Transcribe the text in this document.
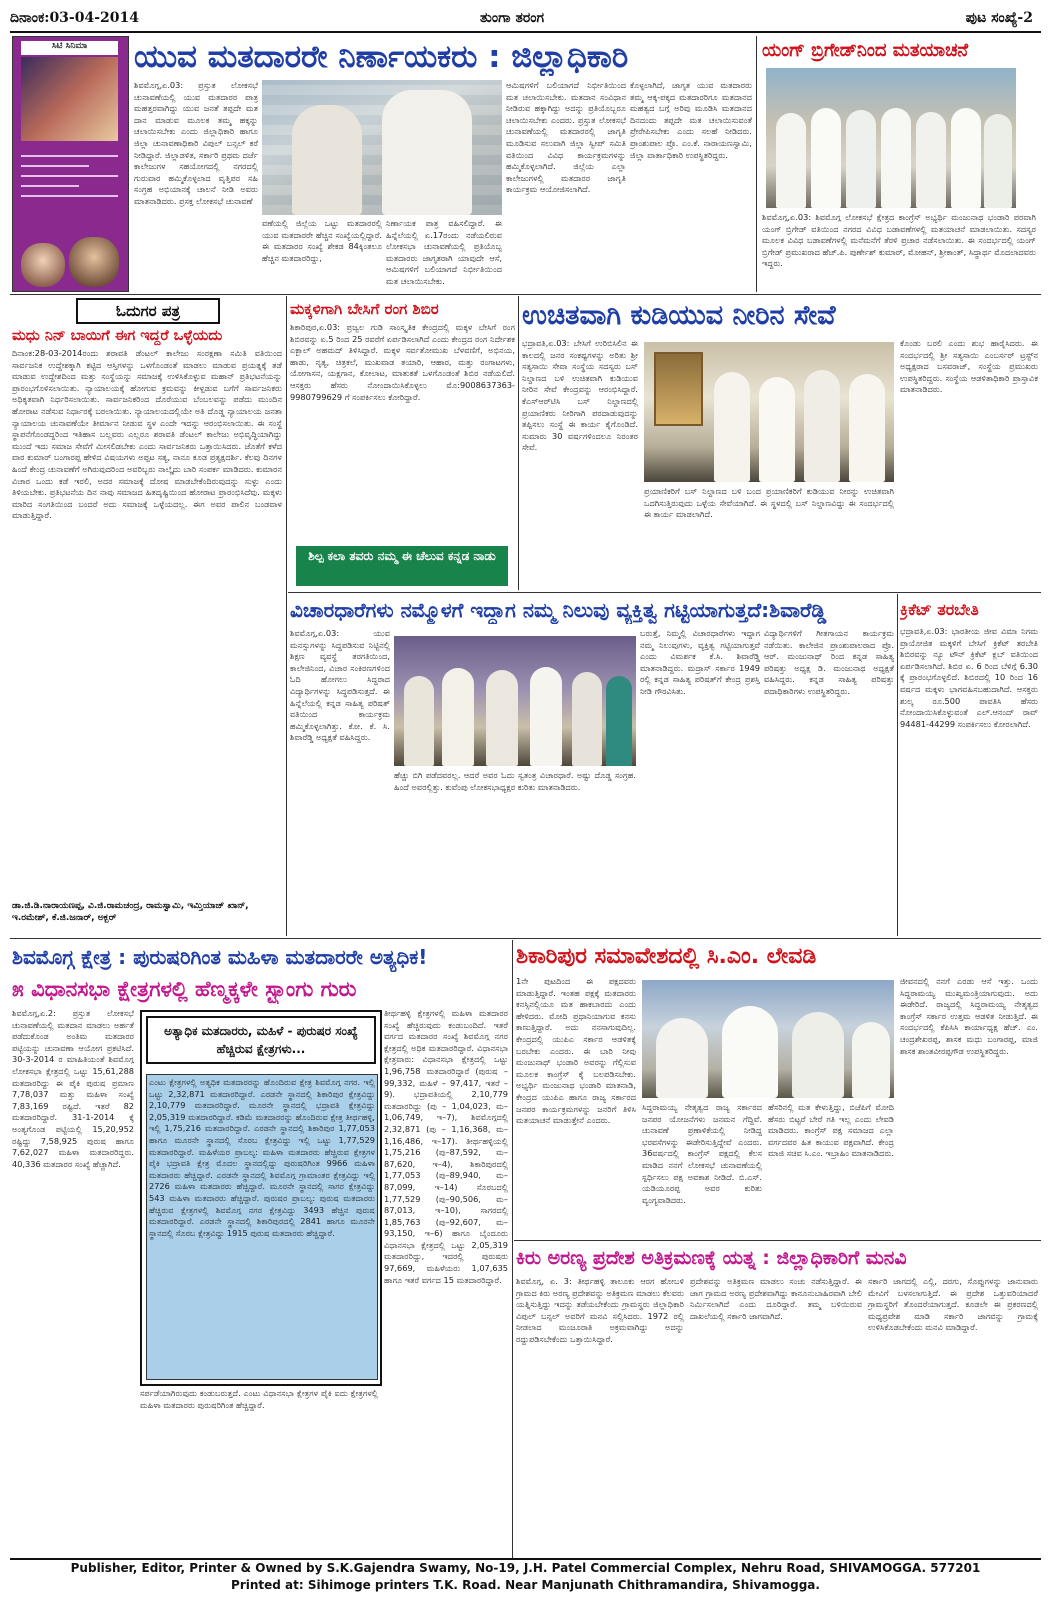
ದಿನಾಂಕ:03-04-2014	ತುಂಗಾ ತರಂಗ	ಪುಟ ಸಂಖ್ಯೆ-2
ಸಿಟಿ ಸಿನಿಮಾ	ಯುವ ಮತದಾರರೇ ನಿರ್ಣಾಯಕರು : ಜಿಲ್ಲಾಧಿಕಾರಿ
ಶಿವಮೊಗ್ಗ,ಏ.03: ಪ್ರಸ್ತುತ ಲೋಕಸಭೆ ಚುನಾವಣೆಯಲ್ಲಿ ಯುವ ಮತದಾರರ ಪಾತ್ರ ಮಹತ್ತರವಾಗಿದ್ದು ಯುವ ಜನತೆ ತಪ್ಪದೇ ಮತ ದಾನ ಮಾಡುವ ಮೂಲಕ ತಮ್ಮ ಹಕ್ಕನ್ನು ಚಲಾಯಿಸಬೇಕು ಎಂದು ಜಿಲ್ಲಾಧಿಕಾರಿ ಹಾಗೂ ಜಿಲ್ಲಾ ಚುನಾವಣಾಧಿಕಾರಿ ವಿಪುಲ್ ಬನ್ಸಲ್ ಕರೆ ನೀಡಿದ್ದಾರೆ. ಜಿಲ್ಲಾಡಳಿತ, ಸರ್ಕಾರಿ ಪ್ರಥಮ ದರ್ಜೆ ಕಾಲೇಜುಗಳ ಸಹಯೋಗದಲ್ಲಿ ನಗರದಲ್ಲಿ ಗುರುವಾರ ಹಮ್ಮಿಕೊಳ್ಳಲಾದ ವೃತ್ತಿಪರ ಸಹಿ ಸಂಗ್ರಹ ಅಭಿಯಾನಕ್ಕೆ ಚಾಲನೆ ನೀಡಿ ಅವರು ಮಾತನಾಡಿದರು. ಪ್ರಸಕ್ತ ಲೋಕಸಭೆ ಚುನಾವಣೆ
ವಣೆಯಲ್ಲಿ ಜಿಲ್ಲೆಯ ಒಟ್ಟು ಮತದಾರರಲ್ಲಿ ಯುವ ಮತದಾರರೇ ಹೆಚ್ಚಿನ ಸಂಖ್ಯೆಯಲ್ಲಿದ್ದಾರೆ. ಈ ಮತದಾರರ ಸಂಖ್ಯೆ ಶೇಕಡ 84ಕ್ಕಿಂತಲೂ ಹೆಚ್ಚಿನ ಮತದಾರರಿದ್ದು,
ನಿರ್ಣಾಯಕ ಪಾತ್ರ ವಹಿಸಲಿದ್ದಾರೆ. ಈ ಹಿನ್ನೆಲೆಯಲ್ಲಿ ಏ.17ರಂದು ನಡೆಯಲಿರುವ ಲೋಕಸಭಾ ಚುನಾವಣೆಯಲ್ಲಿ ಪ್ರತಿಯೊಬ್ಬ ಮತದಾರರು ಜಾಗೃತರಾಗಿ ಯಾವುದೇ ಆಸೆ, ಆಮಿಷಗಳಿಗೆ ಬಲಿಯಾಗದೆ ನಿರ್ಭೀತಿಯಿಂದ ಮತ ಚಲಾಯಿಸಬೇಕು.
ಆಮಿಷಗಳಿಗೆ ಬಲಿಯಾಗದೆ ನಿರ್ಭೀತಿಯಿಂದ ಮತ ಚಲಾಯಿಸಬೇಕು. ಮತದಾನ ಸಂವಿಧಾನ ನೀಡಿರುವ ಹಕ್ಕಾಗಿದ್ದು ಅದನ್ನು ಪ್ರತಿಯೊಬ್ಬರೂ ಚಲಾಯಿಸಬೇಕು ಎಂದರು. ಪ್ರಸ್ತುತ ಲೋಕಸಭೆ ಚುನಾವಣೆಯಲ್ಲಿ ಮತದಾರರಲ್ಲಿ ಜಾಗೃತಿ ಮೂಡಿಸುವ ಸಲುವಾಗಿ ಜಿಲ್ಲಾ ಸ್ವೀಪ್ ಸಮಿತಿ ವತಿಯಿಂದ ವಿವಿಧ ಕಾರ್ಯಕ್ರಮಗಳನ್ನು ಹಮ್ಮಿಕೊಳ್ಳಲಾಗಿದೆ. ಜಿಲ್ಲೆಯ ಎಲ್ಲಾ ಕಾಲೇಜುಗಳಲ್ಲಿ ಮತದಾರರ ಜಾಗೃತಿ ಕಾರ್ಯಕ್ರಮ ಆಯೋಜಿಸಲಾಗಿದೆ.
ಕೊಳ್ಳಲಾಗಿದೆ, ಜಾಗೃತ ಯುವ ಮತದಾರರು ತಮ್ಮ ಆಕ್ಕ-ಪಕ್ಕದ ಮತದಾರರಿಗೂ ಮತದಾನದ ಮಹತ್ವದ ಬಗ್ಗೆ ಅರಿವು ಮೂಡಿಸಿ ಮತದಾನದ ದಿನದಂದು ತಪ್ಪದೇ ಮತ ಚಲಾಯಿಸುವಂತೆ ಪ್ರೇರೇಪಿಸಬೇಕು ಎಂದು ಸಲಹೆ ನೀಡಿದರು. ಪ್ರಾಂಶುಪಾಲ ಪ್ರೊ. ಎಂ.ಕೆ. ನಾರಾಯಣಸ್ವಾಮಿ, ಜಿಲ್ಲಾ ವಾರ್ತಾಧಿಕಾರಿ ಉಪಸ್ಥಿತರಿದ್ದರು.
ಯಂಗ್ ಬ್ರಿಗೇಡ್‌ನಿಂದ ಮತಯಾಚನೆ
ಶಿವಮೊಗ್ಗ,ಏ.03: ಶಿವಮೊಗ್ಗ ಲೋಕಸಭೆ ಕ್ಷೇತ್ರದ ಕಾಂಗ್ರೆಸ್ ಅಭ್ಯರ್ಥಿ ಮಂಜುನಾಥ ಭಂಡಾರಿ ಪರವಾಗಿ ಯಂಗ್ ಬ್ರಿಗೇಡ್ ವತಿಯಿಂದ ನಗರದ ವಿವಿಧ ಬಡಾವಣೆಗಳಲ್ಲಿ ಮತಯಾಚನೆ ಮಾಡಲಾಯಿತು. ಸದಸ್ಯರ ಮೂಲಕ ವಿವಿಧ ಬಡಾವಣೆಗಳಲ್ಲಿ ಮನೆಮನೆಗೆ ತೆರಳಿ ಪ್ರಚಾರ ನಡೆಸಲಾಯಿತು. ಈ ಸಂದರ್ಭದಲ್ಲಿ ಯಂಗ್ ಬ್ರಿಗೇಡ್ ಪ್ರಮುಖರಾದ ಹೆಚ್.ಪಿ. ಪುರ್ಣೇಶ್ ಕುಮಾರ್, ಮೋಹನ್, ಶ್ರೀಕಾಂತ್, ಸಿದ್ಧಾರ್ಥ ಮೊದಲಾದವರು ಇದ್ದರು.
ಓದುಗರ ಪತ್ರ
ಮಧು ನಿನ್ ಬಾಯಿಗೆ ಈಗ ಇದ್ದರೆ ಒಳ್ಳೆಯದು
ದಿನಾಂಕ:28-03-2014ರಂದು ಶರಾವತಿ ಡೆಂಟಲ್ ಕಾಲೇಜು ಸಂರಕ್ಷಣಾ ಸಮಿತಿ ವತಿಯಿಂದ ಸಾರ್ವಜನಿಕ ಉದ್ದೇಶಕ್ಕಾಗಿ ಕಟ್ಟಿದ ಆಸ್ತಿಗಳನ್ನು ಒಳಗೊಂಡಂತೆ ಮಾಡಲು ಮಾಡುವ ಪ್ರಯತ್ನಕ್ಕೆ ತಡೆ ಮಾಡುವ ಉದ್ದೇಶದಿಂದ ಮತ್ತು ಸಂಸ್ಥೆಯನ್ನು ಸಮಾಜಕ್ಕೆ ಉಳಿಸಿಕೊಳ್ಳುವ ಮಹಾನ್ ಪ್ರತಿಭಟನೆಯನ್ನು ಪ್ರಾರಂಭಗೊಳಿಸಲಾಯಿತು. ನ್ಯಾಯಾಲಯಕ್ಕೆ ಹೋಗುವ ಕ್ರಮವನ್ನು ಕೀಳ್ಪಡುವ ಬಗೆಗೆ ಸಾರ್ವಜನಿಕರು ಅಧಿಕೃತವಾಗಿ ನಿರ್ಧರಿಸಲಾಯಿತು. ಸಾರ್ವಜನಿಕರಿಂದ ದೊರೆಯುವ ಬೆಂಬಲವನ್ನು ಪಡೆದು ಮುಂದಿನ ಹೋರಾಟ ನಡೆಸುವ ನಿರ್ಧಾರಕ್ಕೆ ಬರಲಾಯಿತು. ನ್ಯಾಯಾಲಯದಲ್ಲಿಯೇ ಅತಿ ದೊಡ್ಡ ನ್ಯಾಯಾಲಯ ಜನತಾ ನ್ಯಾಯಾಲಯ ಚುನಾವಣೆಯೇ ತೀರ್ಮಾನ ನೀಡುವ ಸ್ಥಳ ಎಂದೇ ಇದನ್ನು ಆರಂಭಿಸಲಾಯಿತು. ಈ ಸಂಸ್ಥೆ ಸ್ಥಾಪನೆಗೊಂಡದ್ದರಿಂದ ಇತಿಹಾಸ ಬಲ್ಲವರು ಎಲ್ಲರೂ ಶರಾವತಿ ಡೆಂಟಲ್ ಕಾಲೇಜು ಅಭಿವೃದ್ಧಿಯಾಗಿದ್ದು ಮುಂದೆ ಇದು ಸಮಾಜ ಸೇವೆಗೆ ಮೀಸಲಿಡಬೇಕು ಎಂದು ಸಾರ್ವಜನಿಕರು ಒತ್ತಾಯಿಸಿದರು. ಜೊತೆಗೆ ಕಳೆದ ವಾರ ಕುಮಾರ್ ಬಂಗಾರಪ್ಪ ಹೇಳಿದ ವಿಷಯಗಳು ಅಪ್ಪಟ ಸತ್ಯ, ನಾನೂ ಕೂಡ ಪ್ರತ್ಯಕ್ಷದರ್ಶಿ. ಕೆಲವು ದಿನಗಳ ಹಿಂದೆ ಕೇಂದ್ರ ಚುನಾವಣೆಗೆ ಅಗಿರುವುದರಿಂದ ಅವರಿಬ್ಬರು ನಾಲ್ಕೈದು ಬಾರಿ ಸಂಪರ್ಕ ಮಾಡಿದರು. ಕುಮಾರನ ವಿಚಾರ ಒಂದು ಕಡೆ ಇರಲಿ, ಅದರ ಸಮಾಜಕ್ಕೆ ದೋಷ ಮಾಡಬೇಕೆಂದಿರುವುದನ್ನು ಸುಳ್ಳು ಎಂದು ತಿಳಿಯಬೇಕು. ಪ್ರತಿಭಟನೆಯ ದಿನ ನಾವು ಸಮಾಜದ ಹಿತದೃಷ್ಟಿಯಿಂದ ಹೋರಾಟ ಪ್ರಾರಂಭಿಸಿದೆವು. ಮಕ್ಕಳು ಮಾರಿದ ಸಂಗತಿಯಿಂದ ಬಂದರೆ ಅದು ಸಮಾಜಕ್ಕೆ ಒಳ್ಳೆಯದಲ್ಲ. ಈಗ ಅವರ ಪಾಲಿನ ಬಂಡವಾಳ ಮಾಡುತ್ತಿದ್ದಾರೆ.
ಡಾ.ಜಿ.ಡಿ.ನಾರಾಯಣಪ್ಪ, ವಿ.ಜಿ.ರಾಮಚಂದ್ರ, ರಾಮಸ್ವಾಮಿ, ಇಮ್ತಿಯಾಜ್ ಖಾನ್, ಇ.ರಮೇಶ್, ಕೆ.ಜಿ.ಜನಾರ್, ಅಕ್ಬರ್
ಮಕ್ಕಳಿಗಾಗಿ ಬೇಸಿಗೆ ರಂಗ ಶಿಬಿರ
ಶಿಕಾರಿಪುರ,ಏ.03: ಪ್ರಜ್ವಲ ಗುಡಿ ಸಾಂಸ್ಕೃತಿಕ ಕೇಂದ್ರದಲ್ಲಿ ಮಕ್ಕಳ ಬೇಸಿಗೆ ರಂಗ ಶಿಬಿರವನ್ನು ಏ.5 ರಿಂದ 25 ರವರೆಗೆ ಏರ್ಪಡಿಸಲಾಗಿದೆ ಎಂದು ಕೇಂದ್ರದ ರಂಗ ನಿರ್ದೇಶಕ ಎಕ್ಬಾಲ್ ಅಹಮದ್ ತಿಳಿಸಿದ್ದಾರೆ. ಮಕ್ಕಳ ಸರ್ವತೋಮುಖ ಬೆಳವಣಿಗೆ, ಅಭಿನಯ, ಹಾಡು, ನೃತ್ಯ, ಚಿತ್ರಕಲೆ, ಮುಖವಾಡ ತಯಾರಿ, ಆಹಾರ, ಮತ್ತು ರಂಗಾಟಗಳು, ಯೋಗಾಸನ, ಯಕ್ಷಗಾನ, ಕೋಲಾಟ, ಮಾತುಕತೆ ಒಳಗೊಂಡಂತೆ ಶಿಬಿರ ನಡೆಯಲಿದೆ. ಆಸಕ್ತರು ಹೆಸರು ನೋಂದಾಯಿಸಿಕೊಳ್ಳಲು ಮೊ:9008637363-9980799629 ಗೆ ಸಂಪರ್ಕಿಸಲು ಕೋರಿದ್ದಾರೆ.
ಶಿಲ್ಪ ಕಲಾ ತವರು ನಮ್ಮ ಈ ಚೆಲುವ ಕನ್ನಡ ನಾಡು
ಉಚಿತವಾಗಿ ಕುಡಿಯುವ ನೀರಿನ ಸೇವೆ
ಭದ್ರಾವತಿ,ಏ.03: ಬೇಸಿಗೆ ಉರಿಬಿಸಿಲಿನ ಈ ಕಾಲದಲ್ಲಿ ಜನರ ಸಂಕಷ್ಟಗಳನ್ನು ಅರಿತು ಶ್ರೀ ಸತ್ಯಸಾಯಿ ಸೇವಾ ಸಂಸ್ಥೆಯ ಸದಸ್ಯರು ಬಸ್ ನಿಲ್ದಾಣದ ಬಳಿ ಉಚಿತವಾಗಿ ಕುಡಿಯುವ ನೀರಿನ ಸೇವೆ ಕೇಂದ್ರವನ್ನು ಆರಂಭಿಸಿದ್ದಾರೆ. ಕೆಎಸ್‌ಆರ್‌ಟಿಸಿ ಬಸ್ ನಿಲ್ದಾಣದಲ್ಲಿ ಪ್ರಯಾಣಿಕರು ನೀರಿಗಾಗಿ ಪರದಾಡುವುದನ್ನು ತಪ್ಪಿಸಲು ಸಂಸ್ಥೆ ಈ ಕಾರ್ಯ ಕೈಗೊಂಡಿದೆ. ಸುಮಾರು 30 ವರ್ಷಗಳಿಂದಲೂ ನಿರಂತರ ಸೇವೆ.
ಪ್ರಯಾಣಿಕರಿಗೆ ಬಸ್ ನಿಲ್ದಾಣದ ಬಳಿ ಬಂದ ಪ್ರಯಾಣಿಕರಿಗೆ ಕುಡಿಯುವ ನೀರನ್ನು ಉಚಿತವಾಗಿ ಒದಗಿಸುತ್ತಿರುವುದು ಒಳ್ಳೆಯ ಸೇವೆಯಾಗಿದೆ. ಈ ಸ್ಥಳದಲ್ಲಿ ಬಸ್ ನಿಲ್ದಾಣವಿದ್ದು ಈ ಸಂದರ್ಭದಲ್ಲಿ ಈ ಕಾರ್ಯ ಮಾಡಲಾಗಿದೆ.
ಕೊಂಡು ಬರಲಿ ಎಂದು ಶುಭ ಹಾರೈಸಿದರು. ಈ ಸಂದರ್ಭದಲ್ಲಿ ಶ್ರೀ ಸತ್ಯಸಾಯಿ ಎಂಬರ್ಸರ್ ಟ್ರಸ್ಟ್‌ನ ಅಧ್ಯಕ್ಷರಾದ ಬಸವರಾಜ್, ಸಂಸ್ಥೆಯ ಪ್ರಮುಖರು ಉಪಸ್ಥಿತರಿದ್ದರು. ಸಂಸ್ಥೆಯ ಆಡಳಿತಾಧಿಕಾರಿ ಪ್ರಾಸ್ತಾವಿಕ ಮಾತನಾಡಿದರು.
ವಿಚಾರಧಾರೆಗಳು ನಮ್ಮೊಳಗೆ ಇದ್ದಾಗ ನಮ್ಮ ನಿಲುವು ವ್ಯಕ್ತಿತ್ವ ಗಟ್ಟಿಯಾಗುತ್ತದೆ:ಶಿವಾರೆಡ್ಡಿ
ಶಿವಮೊಗ್ಗ,ಏ.03: ಯುವ ಮನಸ್ಸುಗಳನ್ನು ಸಿದ್ಧಪಡಿಸುವ ನಿಟ್ಟಿನಲ್ಲಿ ಶಿಕ್ಷಣ ವ್ಯವಸ್ಥೆ ತರಗತಿಯಿಂದ, ಕಾಲೇಜಿನಿಂದ, ವಿಚಾರ ಸಂಕಿರಣಗಳಿಂದ ಓದಿ ಹೋಗಲು ಸಿದ್ಧರಾದ ವಿದ್ಯಾರ್ಥಿಗಳನ್ನು ಸಿದ್ಧಪಡಿಸುತ್ತದೆ. ಈ ಹಿನ್ನೆಲೆಯಲ್ಲಿ ಕನ್ನಡ ಸಾಹಿತ್ಯ ಪರಿಷತ್ ವತಿಯಿಂದ ಕಾರ್ಯಕ್ರಮ ಹಮ್ಮಿಕೊಳ್ಳಲಾಗಿತ್ತು. ಕೋ. ಕೆ. ಸಿ. ಶಿವಾರೆಡ್ಡಿ ಅಧ್ಯಕ್ಷತೆ ವಹಿಸಿದ್ದರು.
ಹೆಚ್ಚು ಬಿಗಿ ಪಡೆದವರಲ್ಲ. ಆದರೆ ಅವರ ಓದು ಸ್ವತಂತ್ರ ವಿಚಾರಧಾರೆ. ಅಷ್ಟು ದೊಡ್ಡ ಸಂಗ್ರಹ. ಹಿಂದೆ ಅವರಲ್ಲಿತ್ತು. ಕುವೆಂಪು ಲೋಕಸಭಾಧ್ಯಕ್ಷರ ಕುರಿತು ಮಾತನಾಡಿದರು.
ಬರುತ್ತೆ, ನಿಮ್ಮಲ್ಲಿ ವಿಚಾರಧಾರೆಗಳು ಇದ್ದಾಗ ನಮ್ಮ ನಿಲುವುಗಳು, ವ್ಯಕ್ತಿತ್ವ ಗಟ್ಟಿಯಾಗುತ್ತವೆ ಎಂದು ವಿಮರ್ಶಕ ಕೆ.ಸಿ. ಶಿವಾರೆಡ್ಡಿ ಮಾತನಾಡಿದ್ದರು. ಮದ್ರಾಸ್ ಸರ್ಕಾರ 1949 ರಲ್ಲಿ ಕನ್ನಡ ಸಾಹಿತ್ಯ ಪರಿಷತ್‌ಗೆ ಕೇಂದ್ರ ಪ್ರಶಸ್ತಿ ನೀಡಿ ಗೌರವಿಸಿತು.
ವಿದ್ಯಾರ್ಥಿಗಳಿಗೆ ಗೀತಗಾಯನ ಕಾರ್ಯಕ್ರಮ ನಡೆಯಿತು. ಕಾಲೇಜಿನ ಪ್ರಾಂಶುಪಾಲರಾದ ಪ್ರೊ. ಆರ್. ಮಂಜುನಾಥ್ ರಿಂದ ಕನ್ನಡ ಸಾಹಿತ್ಯ ಪರಿಷತ್ತು ಅಧ್ಯಕ್ಷ ಡಿ. ಮಂಜುನಾಥ ಅಧ್ಯಕ್ಷತೆ ವಹಿಸಿದ್ದರು. ಕನ್ನಡ ಸಾಹಿತ್ಯ ಪರಿಷತ್ತು ಪದಾಧಿಕಾರಿಗಳು ಉಪಸ್ಥಿತರಿದ್ದರು.
ಕ್ರಿಕೆಟ್ ತರಬೇತಿ
ಭದ್ರಾವತಿ,ಏ.03: ಭಾರತೀಯ ಜೀವ ವಿಮಾ ನಿಗಮ ಪ್ರಾಯೋಜಿತ ಮಕ್ಕಳಿಗೆ ಬೇಸಿಗೆ ಕ್ರಿಕೆಟ್ ತರಬೇತಿ ಶಿಬಿರವನ್ನು ನ್ಯೂ ಟೌನ್ ಕ್ರಿಕೆಟ್ ಕ್ಲಬ್ ವತಿಯಿಂದ ಏರ್ಪಡಿಸಲಾಗಿದೆ. ಶಿಬಿರ ಏ. 6 ರಿಂದ ಬೆಳಿಗ್ಗೆ 6.30 ಕ್ಕೆ ಪ್ರಾರಂಭಗೊಳ್ಳಲಿದೆ. ಶಿಬಿರದಲ್ಲಿ 10 ರಿಂದ 16 ವರ್ಷದ ಮಕ್ಕಳು ಭಾಗವಹಿಸಬಹುದಾಗಿದೆ. ಆಸಕ್ತರು ಶುಲ್ಕ ರೂ.500 ಪಾವತಿಸಿ ಹೆಸರು ನೋಂದಾಯಿಸಿಕೊಳ್ಳುವಂತೆ ಎಲ್.ಆನಂದ್ ರಾವ್ 94481-44299 ಸಂಪರ್ಕಿಸಲು ಕೋರಲಾಗಿದೆ.
ಶಿವಮೊಗ್ಗ ಕ್ಷೇತ್ರ : ಪುರುಷರಿಗಿಂತ ಮಹಿಳಾ ಮತದಾರರೇ ಅತ್ಯಧಿಕ!
೫ ವಿಧಾನಸಭಾ ಕ್ಷೇತ್ರಗಳಲ್ಲಿ ಹೆಣ್ಮಕ್ಕಳೇ ಸ್ಟ್ರಾಂಗು ಗುರು
ಶಿವಮೊಗ್ಗ,ಏ.2: ಪ್ರಸ್ತುತ ಲೋಕಸಭೆ ಚುನಾವಣೆಯಲ್ಲಿ ಮತದಾನ ಮಾಡಲು ಅರ್ಹತೆ ಪಡೆದುಕೊಂಡ ಅಂತಿಮ ಮತದಾರರ ಪಟ್ಟಿಯನ್ನು ಚುನಾವಣಾ ಆಯೋಗ ಪ್ರಕಟಿಸಿದೆ. 30-3-2014 ರ ಮಾಹಿತಿಯಂತೆ ಶಿವಮೊಗ್ಗ ಲೋಕಸಭಾ ಕ್ಷೇತ್ರದಲ್ಲಿ ಒಟ್ಟು 15,61,288 ಮತದಾರರಿದ್ದು ಈ ಪೈಕಿ ಪುರುಷ ಪ್ರಮಾಣ 7,78,037 ಮತ್ತು ಮಹಿಳಾ ಸಂಖ್ಯೆ 7,83,169 ರಷ್ಟಿದೆ. ಇತರೆ 82 ಮತದಾರರಿದ್ದಾರೆ. 31-1-2014 ಕ್ಕೆ ಅಂತ್ಯಗೊಂಡ ಪಟ್ಟಿಯಲ್ಲಿ 15,20,952 ರಷ್ಟಿದ್ದು 7,58,925 ಪುರುಷ ಹಾಗೂ 7,62,027 ಮಹಿಳಾ ಮತದಾರರಿದ್ದರು. 40,336 ಮತದಾರರ ಸಂಖ್ಯೆ ಹೆಚ್ಚಾಗಿದೆ.
ಅತ್ಯಾಧಿಕ ಮತದಾರರು, ಮಹಿಳೆ - ಪುರುಷರ ಸಂಖ್ಯೆ ಹೆಚ್ಚಿರುವ ಕ್ಷೇತ್ರಗಳು...
ಎಂಟು ಕ್ಷೇತ್ರಗಳಲ್ಲಿ ಅತ್ಯಧಿಕ ಮತದಾರರನ್ನು ಹೊಂದಿರುವ ಕ್ಷೇತ್ರ ಶಿವಮೊಗ್ಗ ನಗರ. ಇಲ್ಲಿ ಒಟ್ಟು 2,32,871 ಮತದಾರರಿದ್ದಾರೆ. ಎರಡನೇ ಸ್ಥಾನದಲ್ಲಿ ಶಿಕಾರಿಪುರ ಕ್ಷೇತ್ರವಿದ್ದು 2,10,779 ಮತದಾರರಿದ್ದಾರೆ. ಮೂರನೇ ಸ್ಥಾನದಲ್ಲಿ ಭದ್ರಾವತಿ ಕ್ಷೇತ್ರವಿದ್ದು 2,05,319 ಮತದಾರರಿದ್ದಾರೆ. ಕಡಿಮೆ ಮತದಾರರನ್ನು ಹೊಂದಿರುವ ಕ್ಷೇತ್ರ ತೀರ್ಥಹಳ್ಳಿ, ಇಲ್ಲಿ 1,75,216 ಮತದಾರರಿದ್ದಾರೆ. ಎರಡನೇ ಸ್ಥಾನದಲ್ಲಿ ಶಿಕಾರಿಪುರ 1,77,053 ಹಾಗೂ ಮೂರನೇ ಸ್ಥಾನದಲ್ಲಿ ಸೊರಬ ಕ್ಷೇತ್ರವಿದ್ದು ಇಲ್ಲಿ ಒಟ್ಟು 1,77,529 ಮತದಾರರಿದ್ದಾರೆ. ಮಹಿಳೆಯರ ಪ್ರಾಬಲ್ಯ: ಮಹಿಳಾ ಮತದಾರರು ಹೆಚ್ಚಿರುವ ಕ್ಷೇತ್ರಗಳ ಪೈಕಿ ಭದ್ರಾವತಿ ಕ್ಷೇತ್ರ ಮೊದಲ ಸ್ಥಾನದಲ್ಲಿದ್ದು ಪುರುಷರಿಗಿಂತ 9966 ಮಹಿಳಾ ಮತದಾರರು ಹೆಚ್ಚಿದ್ದಾರೆ. ಎರಡನೇ ಸ್ಥಾನದಲ್ಲಿ ಶಿವಮೊಗ್ಗ ಗ್ರಾಮಾಂತರ ಕ್ಷೇತ್ರವಿದ್ದು ಇಲ್ಲಿ 2726 ಮಹಿಳಾ ಮತದಾರರು ಹೆಚ್ಚಿದ್ದಾರೆ. ಮೂರನೇ ಸ್ಥಾನದಲ್ಲಿ ಸಾಗರ ಕ್ಷೇತ್ರವಿದ್ದು 543 ಮಹಿಳಾ ಮತದಾರರು ಹೆಚ್ಚಿದ್ದಾರೆ. ಪುರುಷರ ಪ್ರಾಬಲ್ಯ: ಪುರುಷ ಮತದಾರರು ಹೆಚ್ಚಿರುವ ಕ್ಷೇತ್ರಗಳಲ್ಲಿ ಶಿವಮೊಗ್ಗ ನಗರ ಕ್ಷೇತ್ರವಿದ್ದು 3493 ಹೆಚ್ಚಿನ ಪುರುಷ ಮತದಾರರಿದ್ದಾರೆ. ಎರಡನೇ ಸ್ಥಾನದಲ್ಲಿ ಶಿಕಾರಿಪುರದಲ್ಲಿ 2841 ಹಾಗೂ ಮೂರನೇ ಸ್ಥಾನದಲ್ಲಿ ಸೊರಬ ಕ್ಷೇತ್ರವಿದ್ದು 1915 ಪುರುಷ ಮತದಾರರು ಹೆಚ್ಚಿದ್ದಾರೆ.
ಸರ್ಪಡೆಯಾಗಿರುವುದು ಕಂಡುಬರುತ್ತದೆ. ಎಂಟು ವಿಧಾನಸಭಾ ಕ್ಷೇತ್ರಗಳ ಪೈಕಿ ಐದು ಕ್ಷೇತ್ರಗಳಲ್ಲಿ ಮಹಿಳಾ ಮತದಾರರು ಪುರುಷರಿಗಿಂತ ಹೆಚ್ಚಿದ್ದಾರೆ.
ತೀರ್ಥಹಳ್ಳಿ ಕ್ಷೇತ್ರಗಳಲ್ಲಿ ಮಹಿಳಾ ಮತದಾರರ ಸಂಖ್ಯೆ ಹೆಚ್ಚಿರುವುದು ಕಂಡುಬಂದಿದೆ. ಇತರೆ ವರ್ಗದ ಮತದಾರರ ಸಂಖ್ಯೆ ಶಿವಮೊಗ್ಗ ನಗರ ಕ್ಷೇತ್ರದಲ್ಲಿ ಅಧಿಕ ಮತದಾರರಿದ್ದಾರೆ. ವಿಧಾನಸಭಾ ಕ್ಷೇತ್ರವಾರು: ವಿಧಾನಸಭಾ ಕ್ಷೇತ್ರದಲ್ಲಿ ಒಟ್ಟು 1,96,758 ಮತದಾರರಿದ್ದಾರೆ (ಪುರುಷ – 99,332, ಮಹಿಳೆ – 97,417, ಇತರೆ – 9). ಭದ್ರಾವತಿಯಲ್ಲಿ 2,10,779 ಮತದಾರರಿದ್ದು (ಪು – 1,04,023, ಮ–1,06,749, ಇ–7), ಶಿವಮೊಗ್ಗದಲ್ಲಿ 2,32,871 (ಪು – 1,16,368, ಮ–1,16,486, ಇ–17). ತೀರ್ಥಹಳ್ಳಿಯಲ್ಲಿ 1,75,216 (ಪು–87,592, ಮ–87,620, ಇ–4), ಶಿಕಾರಿಪುರದಲ್ಲಿ 1,77,053 (ಪು–89,940, ಮ–87,099, ಇ–14) ಸೊರಬದಲ್ಲಿ 1,77,529 (ಪು–90,506, ಮ–87,013, ಇ–10), ಸಾಗರದಲ್ಲಿ 1,85,763 (ಪು–92,607, ಮ–93,150, ಇ–6) ಹಾಗೂ ಬೈಂದೂರು ವಿಧಾನಸಭಾ ಕ್ಷೇತ್ರದಲ್ಲಿ ಒಟ್ಟು 2,05,319 ಮತದಾರರಿದ್ದು, ಇದರಲ್ಲಿ ಪುರುಷರು 97,669, ಮಹಿಳೆಯರು 1,07,635 ಹಾಗೂ ಇತರೆ ವರ್ಗದ 15 ಮತದಾರರಿದ್ದಾರೆ.
ಶಿಕಾರಿಪುರ ಸಮಾವೇಶದಲ್ಲಿ ಸಿ.ಎಂ. ಲೇವಡಿ
1ನೇ ಪುಟದಿಂದ ಈ ಪಕ್ಷದವರು ಮಾಡುತ್ತಿದ್ದಾರೆ. ಇಂತಹ ಪಕ್ಷಕ್ಕೆ ಮತದಾರರು ಕನಸ್ಸಿನಲ್ಲಿಯೂ ಮತ ಹಾಕಬಾರದು ಎಂದು ಹೇಳಿದರು. ಮೋದಿ ಪ್ರಧಾನಿಯಾಗುವ ಕನಸು ಕಾಣುತ್ತಿದ್ದಾರೆ. ಅದು ನನಸಾಗುವುದಿಲ್ಲ. ಕೇಂದ್ರದಲ್ಲಿ ಯುಪಿಎ ಸರ್ಕಾರ ಆಡಳಿತಕ್ಕೆ ಬರಬೇಕು ಎಂದರು. ಈ ಬಾರಿ ನೀವು ಮಂಜುನಾಥ್ ಭಂಡಾರಿ ಅವರನ್ನು ಗೆಲ್ಲಿಸುವ ಮೂಲಕ ಕಾಂಗ್ರೆಸ್ ಕೈ ಬಲಪಡಿಸಬೇಕು. ಅಭ್ಯರ್ಥಿ ಮಂಜುನಾಥ ಭಂಡಾರಿ ಮಾತನಾಡಿ, ಕೇಂದ್ರದ ಯುಪಿಎ ಹಾಗೂ ರಾಜ್ಯ ಸರ್ಕಾರದ ಜನಪರ ಕಾರ್ಯಕ್ರಮಗಳನ್ನು ಜನರಿಗೆ ತಿಳಿಸಿ ಮತಯಾಚನೆ ಮಾಡುತ್ತೇನೆ ಎಂದರು.
ಸಿದ್ದರಾಮಯ್ಯ ನೇತೃತ್ವದ ರಾಜ್ಯ ಸರ್ಕಾರದ ಜನಪರ ಯೋಜನೆಗಳು ಜನಮನ ಗೆದ್ದಿವೆ. ಚುನಾವಣೆ ಪ್ರಣಾಳಿಕೆಯಲ್ಲಿ ನೀಡಿದ್ದ ಭರವಸೆಗಳನ್ನು ಈಡೇರಿಸುತ್ತಿದ್ದೇವೆ ಎಂದರು. 36ವರ್ಷದಲ್ಲಿ ಕಾಂಗ್ರೆಸ್ ಪಕ್ಷದಲ್ಲಿ ಕೆಲಸ ಮಾಡಿದ ನನಗೆ ಲೋಕಸಭೆ ಚುನಾವಣೆಯಲ್ಲಿ ಸ್ಪರ್ಧಿಸಲು ಪಕ್ಷ ಅವಕಾಶ ನೀಡಿದೆ. ಬಿ.ಎಸ್. ಯಡಿಯೂರಪ್ಪ ಅವರ ಕುರಿತು ವ್ಯಂಗ್ಯವಾಡಿದರು.
ಹೆಸರಿನಲ್ಲಿ ಮತ ಕೇಳುತ್ತಿದ್ದು, ಬಿಜೆಪಿಗೆ ಮೋದಿ ಹೆಸರು ಬಿಟ್ಟರೆ ಬೇರೆ ಗತಿ ಇಲ್ಲ ಎಂದು ಲೇವಡಿ ಮಾಡಿದರು. ಕಾಂಗ್ರೆಸ್ ಪಕ್ಷ ಸಮಾಜದ ಎಲ್ಲಾ ವರ್ಗದವರ ಹಿತ ಕಾಯುವ ಪಕ್ಷವಾಗಿದೆ. ಕೇಂದ್ರ ಮಾಜಿ ಸಚಿವ ಸಿ.ಎಂ. ಇಬ್ರಾಹಿಂ ಮಾತನಾಡಿದರು.
ಜೀವನದಲ್ಲಿ ನನಗೆ ಎರಡು ಆಸೆ ಇತ್ತು. ಒಂದು ಸಿದ್ದರಾಮಯ್ಯ ಮುಖ್ಯಮಂತ್ರಿಯಾಗುವುದು. ಅದು ಈಡೇರಿದೆ. ರಾಜ್ಯದಲ್ಲಿ ಸಿದ್ದರಾಮಯ್ಯ ನೇತೃತ್ವದ ಕಾಂಗ್ರೆಸ್ ಸರ್ಕಾರ ಉತ್ತಮ ಆಡಳಿತ ನೀಡುತ್ತಿದೆ. ಈ ಸಂದರ್ಭದಲ್ಲಿ ಕೆಪಿಸಿಸಿ ಕಾರ್ಯಾಧ್ಯಕ್ಷ ಹೆಚ್. ಎಂ. ಚಂದ್ರಶೇಖರಪ್ಪ, ಶಾಸಕ ಮಧು ಬಂಗಾರಪ್ಪ, ಮಾಜಿ ಶಾಸಕ ಶಾಂತವೀರಪ್ಪಗೌಡ ಉಪಸ್ಥಿತರಿದ್ದರು.
ಕಿರು ಅರಣ್ಯ ಪ್ರದೇಶ ಅತಿಕ್ರಮಣಕ್ಕೆ ಯತ್ನ : ಜಿಲ್ಲಾಧಿಕಾರಿಗೆ ಮನವಿ
ಶಿವಮೊಗ್ಗ, ಏ. 3: ತೀರ್ಥಹಳ್ಳಿ ತಾಲೂಕು ಆರಗ ಹೋಬಳಿ ಗ್ರಾಮದ ಕಿರು ಅರಣ್ಯ ಪ್ರದೇಶವನ್ನು ಅತಿಕ್ರಮಣ ಮಾಡಲು ಕೆಲವರು ಯತ್ನಿಸುತ್ತಿದ್ದು ಇದನ್ನು ತಡೆಯಬೇಕೆಂದು ಗ್ರಾಮಸ್ಥರು ಜಿಲ್ಲಾಧಿಕಾರಿ ವಿಪುಲ್ ಬನ್ಸಲ್ ಅವರಿಗೆ ಮನವಿ ಸಲ್ಲಿಸಿದರು. 1972 ರಲ್ಲಿ ನೀಡಲಾದ ಮಂಜೂರಾತಿ ಅಕ್ರಮವಾಗಿದ್ದು ಅದನ್ನು ರದ್ದುಪಡಿಸಬೇಕೆಂದು ಒತ್ತಾಯಿಸಿದ್ದಾರೆ.
ಪ್ರದೇಶವನ್ನು ಅತಿಕ್ರಮಣ ಮಾಡಲು ಸಂಚು ನಡೆಸುತ್ತಿದ್ದಾರೆ. ಈ ಜಾಗ ಗ್ರಾಮದ ಅರಣ್ಯ ಪ್ರದೇಶವಾಗಿದ್ದು ಕಾನೂನುಬಾಹಿರವಾಗಿ ಬೇಲಿ ನಿರ್ಮಿಸಲಾಗಿದೆ ಎಂದು ದೂರಿದ್ದಾರೆ. ತಮ್ಮ ಬಳಿಯಿರುವ ದಾಖಲೆಯಲ್ಲಿ ಸರ್ಕಾರಿ ಜಾಗವಾಗಿದೆ.
ಸರ್ಕಾರಿ ಜಾಗದಲ್ಲಿ ಎಲ್ಲಿ, ದರಗು, ಸೊಪ್ಪುಗಳನ್ನು ಜಾನುವಾರು ಮೇವಿಗೆ ಬಳಸಲಾಗುತ್ತಿದೆ. ಈ ಪ್ರದೇಶ ಒತ್ತುವರಿಯಾದರೆ ಗ್ರಾಮಸ್ಥರಿಗೆ ತೊಂದರೆಯಾಗುತ್ತದೆ. ಕೂಡಲೇ ಈ ಪ್ರಕರಣದಲ್ಲಿ ಮಧ್ಯಪ್ರವೇಶ ಮಾಡಿ ಸರ್ಕಾರಿ ಜಾಗವನ್ನು ಗ್ರಾಮಕ್ಕೆ ಉಳಿಸಿಕೊಡಬೇಕೆಂದು ಮನವಿ ಮಾಡಿದ್ದಾರೆ.
Publisher, Editor, Printer & Owned by S.K.Gajendra Swamy, No-19, J.H. Patel Commercial Complex, Nehru Road, SHIVAMOGGA. 577201
Printed at: Sihimoge printers T.K. Road. Near Manjunath Chithramandira, Shivamogga.
